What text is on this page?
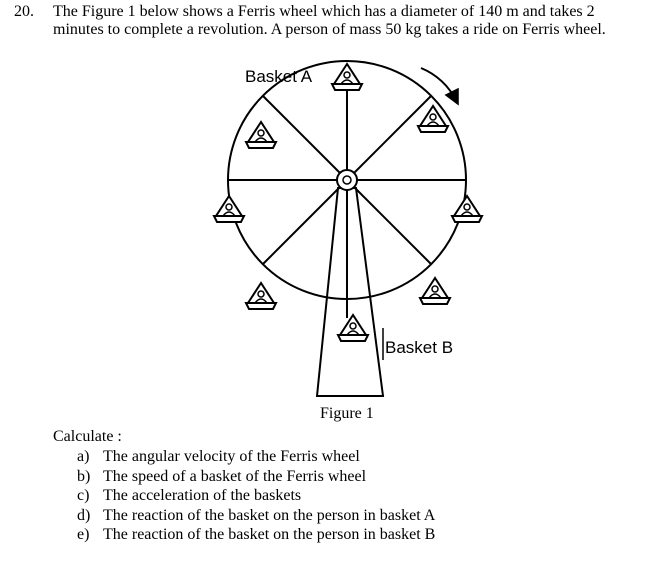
20. The Figure 1 below shows a Ferris wheel which has a diameter of 140 m and takes 2
minutes to complete a revolution. A person of mass 50 kg takes a ride on Ferris wheel.
Basket A
Basket B
Figure 1
Calculate :
a) The angular velocity of the Ferris wheel
b) The speed of a basket of the Ferris wheel
c) The acceleration of the baskets
d) The reaction of the basket on the person in basket A
e) The reaction of the basket on the person in basket B
